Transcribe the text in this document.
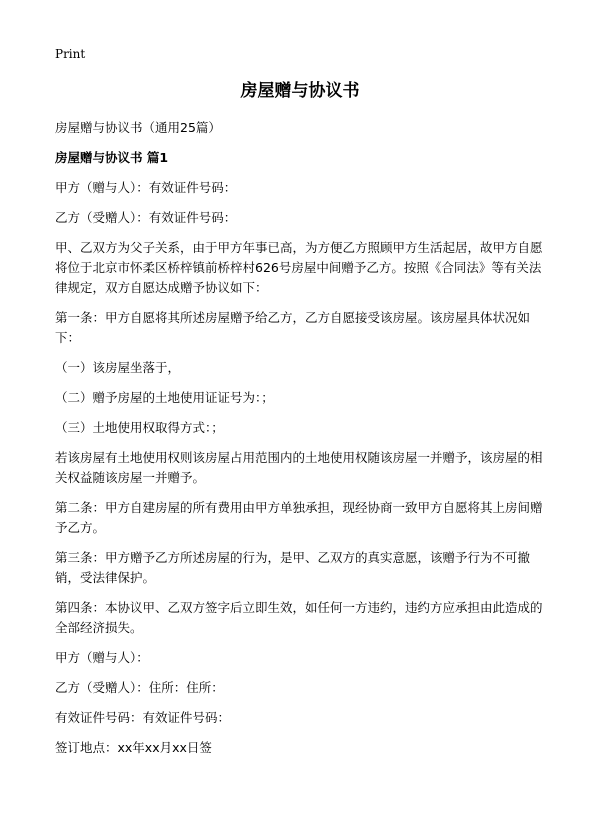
Print
房屋赠与协议书

房屋赠与协议书（通用25篇）

房屋赠与协议书 篇1

甲方（赠与人）：有效证件号码：

乙方（受赠人）：有效证件号码：

甲、乙双方为父子关系，由于甲方年事已高，为方便乙方照顾甲方生活起居，故甲方自愿将位于北京市怀柔区桥梓镇前桥梓村626号房屋中间赠予乙方。按照《合同法》等有关法律规定，双方自愿达成赠予协议如下：

第一条：甲方自愿将其所述房屋赠予给乙方，乙方自愿接受该房屋。该房屋具体状况如下：

（一）该房屋坐落于，

（二）赠予房屋的土地使用证证号为：；

（三）土地使用权取得方式：；

若该房屋有土地使用权则该房屋占用范围内的土地使用权随该房屋一并赠予，该房屋的相关权益随该房屋一并赠予。

第二条：甲方自建房屋的所有费用由甲方单独承担，现经协商一致甲方自愿将其上房间赠予乙方。

第三条：甲方赠予乙方所述房屋的行为，是甲、乙双方的真实意愿，该赠予行为不可撤销，受法律保护。

第四条：本协议甲、乙双方签字后立即生效，如任何一方违约，违约方应承担由此造成的全部经济损失。

甲方（赠与人）：

乙方（受赠人）：住所：住所：

有效证件号码：有效证件号码：

签订地点：xx年xx月xx日签
